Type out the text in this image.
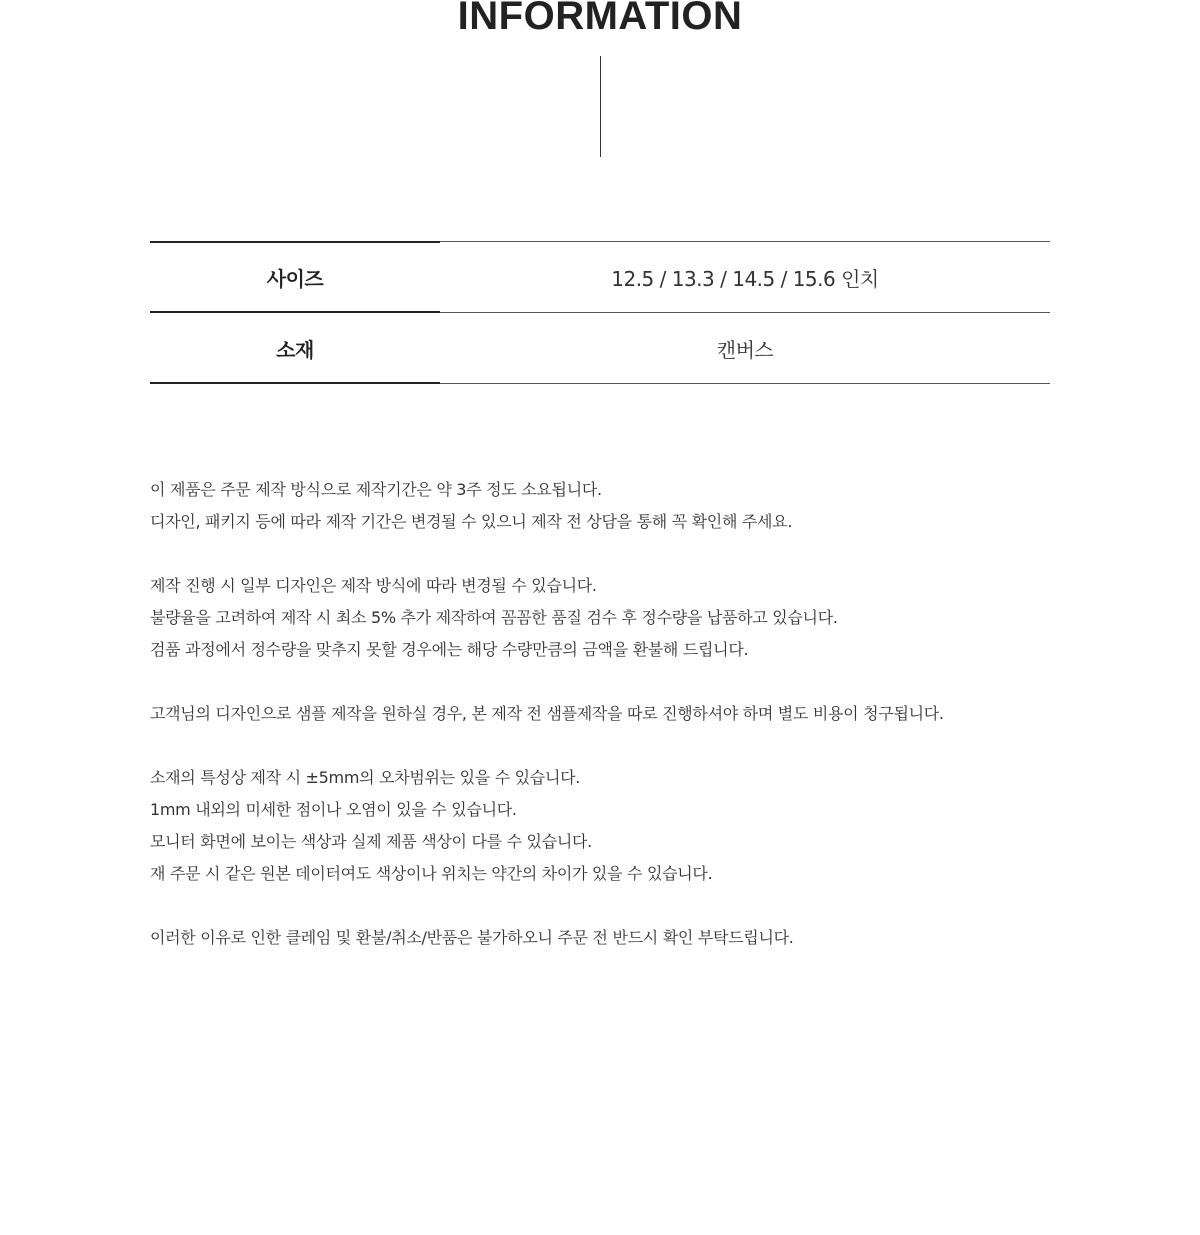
INFORMATION
사이즈	12.5 / 13.3 / 14.5 / 15.6 인치
소재	캔버스

이 제품은 주문 제작 방식으로 제작기간은 약 3주 정도 소요됩니다.

디자인, 패키지 등에 따라 제작 기간은 변경될 수 있으니 제작 전 상담을 통해 꼭 확인해 주세요.

제작 진행 시 일부 디자인은 제작 방식에 따라 변경될 수 있습니다.

불량율을 고려하여 제작 시 최소 5% 추가 제작하여 꼼꼼한 품질 검수 후 정수량을 납품하고 있습니다.

검품 과정에서 정수량을 맞추지 못할 경우에는 해당 수량만큼의 금액을 환불해 드립니다.

고객님의 디자인으로 샘플 제작을 원하실 경우, 본 제작 전 샘플제작을 따로 진행하셔야 하며 별도 비용이 청구됩니다.

소재의 특성상 제작 시 ±5mm의 오차범위는 있을 수 있습니다.

1mm 내외의 미세한 점이나 오염이 있을 수 있습니다.

모니터 화면에 보이는 색상과 실제 제품 색상이 다를 수 있습니다.

재 주문 시 같은 원본 데이터여도 색상이나 위치는 약간의 차이가 있을 수 있습니다.

이러한 이유로 인한 클레임 및 환불/취소/반품은 불가하오니 주문 전 반드시 확인 부탁드립니다.
